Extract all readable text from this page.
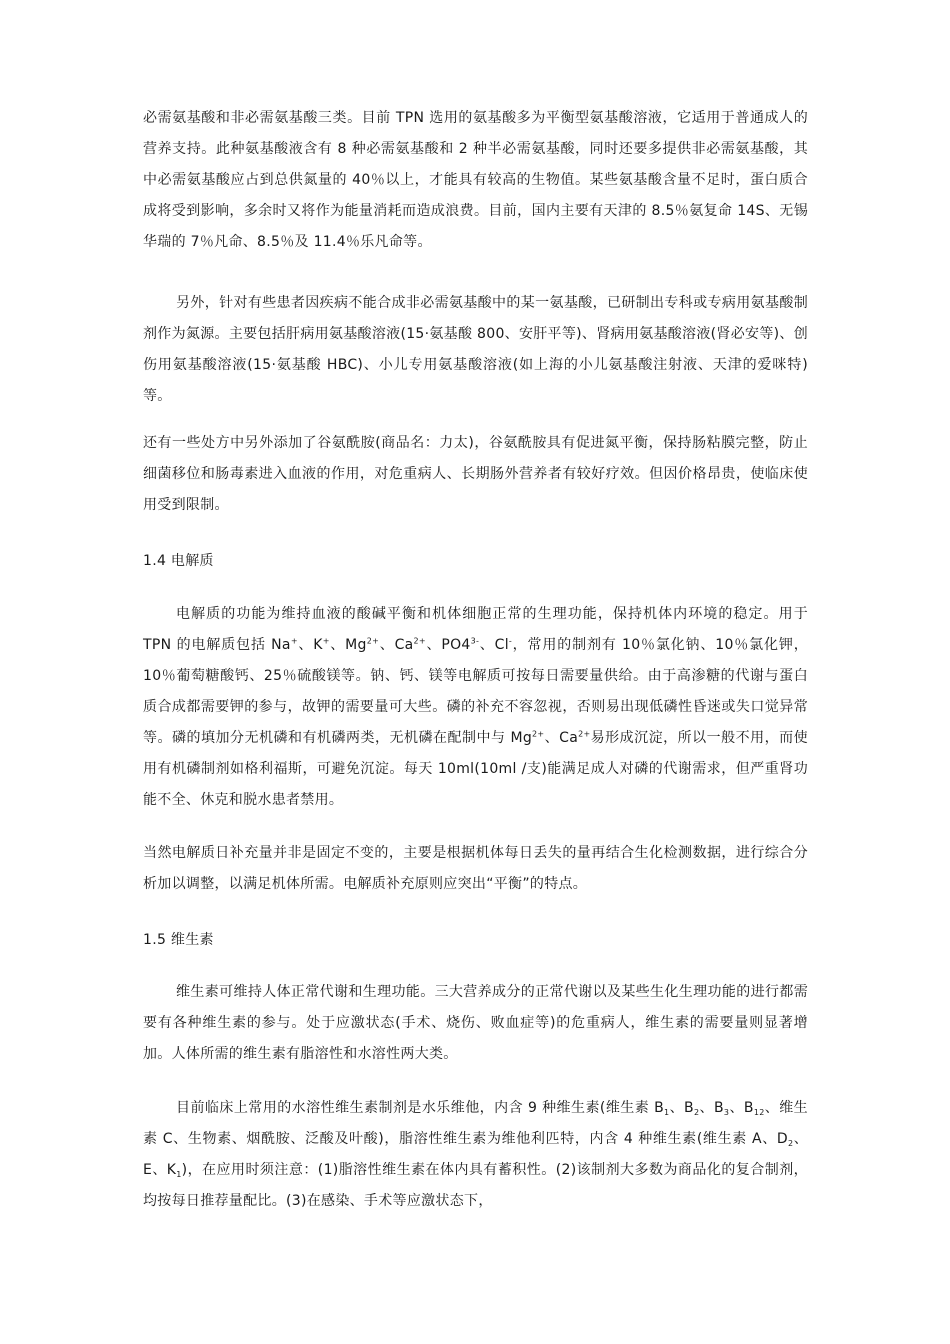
必需氨基酸和非必需氨基酸三类。目前 TPN 选用的氨基酸多为平衡型氨基酸溶液，它适用于普通成人的营养支持。此种氨基酸液含有 8 种必需氨基酸和 2 种半必需氨基酸，同时还要多提供非必需氨基酸，其中必需氨基酸应占到总供氮量的 40％以上，才能具有较高的生物值。某些氨基酸含量不足时，蛋白质合成将受到影响，多余时又将作为能量消耗而造成浪费。目前，国内主要有天津的 8.5％氨复命 14S、无锡华瑞的 7％凡命、8.5％及 11.4％乐凡命等。

另外，针对有些患者因疾病不能合成非必需氨基酸中的某一氨基酸，已研制出专科或专病用氨基酸制剂作为氮源。主要包括肝病用氨基酸溶液(15·氨基酸 800、安肝平等)、肾病用氨基酸溶液(肾必安等)、创伤用氨基酸溶液(15·氨基酸 HBC)、小儿专用氨基酸溶液(如上海的小儿氨基酸注射液、天津的爱咪特)等。

还有一些处方中另外添加了谷氨酰胺(商品名：力太)，谷氨酰胺具有促进氮平衡，保持肠粘膜完整，防止细菌移位和肠毒素进入血液的作用，对危重病人、长期肠外营养者有较好疗效。但因价格昂贵，使临床使用受到限制。

1.4 电解质

电解质的功能为维持血液的酸碱平衡和机体细胞正常的生理功能，保持机体内环境的稳定。用于 TPN 的电解质包括 Na+、K+、$Mg^{2+}$、$Ca^{2+}$、$PO4^{3-}$、Cl-，常用的制剂有 10％氯化钠、10％氯化钾，10％葡萄糖酸钙、25％硫酸镁等。钠、钙、镁等电解质可按每日需要量供给。由于高渗糖的代谢与蛋白质合成都需要钾的参与，故钾的需要量可大些。磷的补充不容忽视，否则易出现低磷性昏迷或失口觉异常等。磷的填加分无机磷和有机磷两类，无机磷在配制中与 $Mg^{2+}$、$Ca^{2+}$易形成沉淀，所以一般不用，而使用有机磷制剂如格利福斯，可避免沉淀。每天 10ml(10ml /支)能满足成人对磷的代谢需求，但严重肾功能不全、休克和脱水患者禁用。

当然电解质日补充量并非是固定不变的，主要是根据机体每日丢失的量再结合生化检测数据，进行综合分析加以调整，以满足机体所需。电解质补充原则应突出“平衡”的特点。

1.5 维生素

维生素可维持人体正常代谢和生理功能。三大营养成分的正常代谢以及某些生化生理功能的进行都需要有各种维生素的参与。处于应激状态(手术、烧伤、败血症等)的危重病人，维生素的需要量则显著增加。人体所需的维生素有脂溶性和水溶性两大类。

目前临床上常用的水溶性维生素制剂是水乐维他，内含 9 种维生素(维生素 $B_1$、$B_2$、$B_3$、$B_{12}$、维生素 C、生物素、烟酰胺、泛酸及叶酸)，脂溶性维生素为维他利匹特，内含 4 种维生素(维生素 A、$D_2$、E、$K_1$)，在应用时须注意：(1)脂溶性维生素在体内具有蓄积性。(2)该制剂大多数为商品化的复合制剂，均按每日推荐量配比。(3)在感染、手术等应激状态下，
